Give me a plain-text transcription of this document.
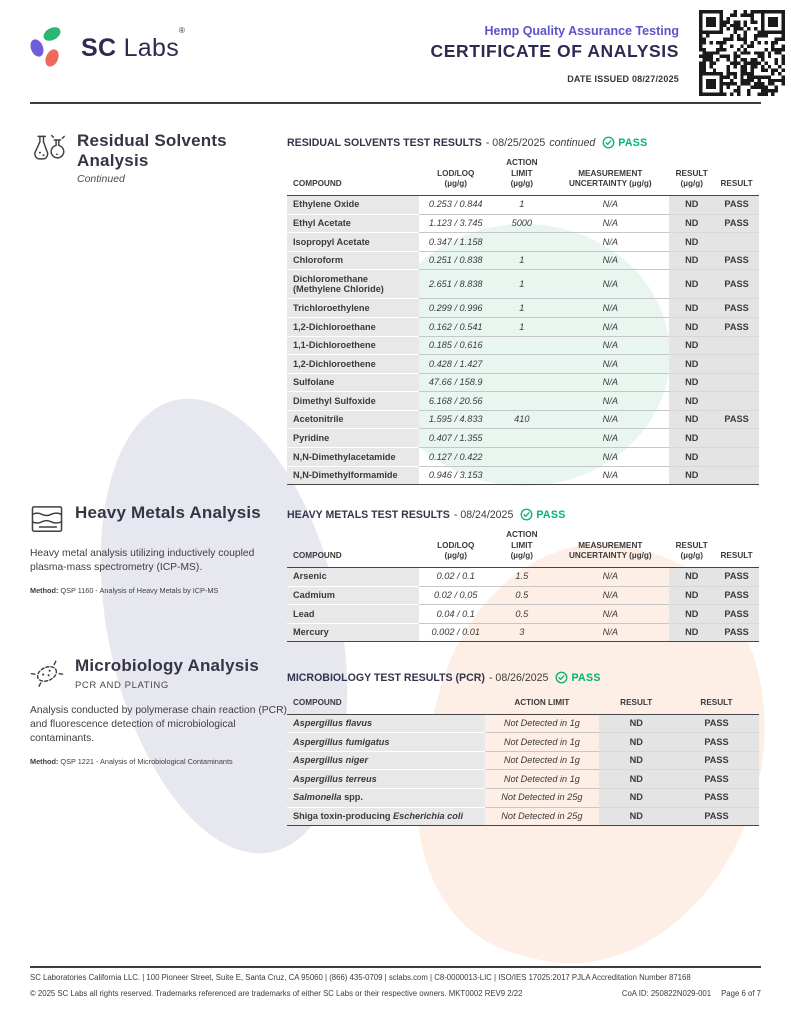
SC Labs®	Hemp Quality Assurance Testing
CERTIFICATE OF ANALYSIS
DATE ISSUED 08/27/2025
Residual Solvents Analysis
Continued
RESIDUAL SOLVENTS TEST RESULTS - 08/25/2025 continued PASS
COMPOUND

LOD/LOQ
(µg/g)

ACTION LIMIT
(µg/g)

MEASUREMENT
UNCERTAINTY (µg/g)

RESULT
(µg/g)	RESULT

Ethylene Oxide	0.253 / 0.844	1	N/A	ND	PASS
Ethyl Acetate	1.123 / 3.745	5000	N/A	ND	PASS
Isopropyl Acetate	0.347 / 1.158		N/A	ND	
Chloroform	0.251 / 0.838	1	N/A	ND	PASS
Dichloromethane (Methylene Chloride)	2.651 / 8.838	1	N/A	ND	PASS
Trichloroethylene	0.299 / 0.996	1	N/A	ND	PASS
1,2-Dichloroethane	0.162 / 0.541	1	N/A	ND	PASS
1,1-Dichloroethene	0.185 / 0.616		N/A	ND	
1,2-Dichloroethene	0.428 / 1.427		N/A	ND	
Sulfolane	47.66 / 158.9		N/A	ND	
Dimethyl Sulfoxide	6.168 / 20.56		N/A	ND	
Acetonitrile	1.595 / 4.833	410	N/A	ND	PASS
Pyridine	0.407 / 1.355		N/A	ND	
N,N-Dimethylacetamide	0.127 / 0.422		N/A	ND	
N,N-Dimethylformamide	0.946 / 3.153		N/A	ND	
Heavy Metals Analysis
Heavy metal analysis utilizing inductively coupled plasma-mass spectrometry (ICP-MS).
Method: QSP 1160 - Analysis of Heavy Metals by ICP-MS
HEAVY METALS TEST RESULTS - 08/24/2025 PASS
COMPOUND

LOD/LOQ
(µg/g)

ACTION LIMIT
(µg/g)

MEASUREMENT
UNCERTAINTY (µg/g)

RESULT
(µg/g)	RESULT

Arsenic	0.02 / 0.1	1.5	N/A	ND	PASS
Cadmium	0.02 / 0.05	0.5	N/A	ND	PASS
Lead	0.04 / 0.1	0.5	N/A	ND	PASS
Mercury	0.002 / 0.01	3	N/A	ND	PASS
Microbiology Analysis
PCR AND PLATING
Analysis conducted by polymerase chain reaction (PCR) and fluorescence detection of microbiological contaminants.
Method: QSP 1221 - Analysis of Microbiological Contaminants
MICROBIOLOGY TEST RESULTS (PCR) - 08/26/2025 PASS
COMPOUND	ACTION LIMIT	RESULT	RESULT

Aspergillus flavus	Not Detected in 1g	ND	PASS
Aspergillus fumigatus	Not Detected in 1g	ND	PASS
Aspergillus niger	Not Detected in 1g	ND	PASS
Aspergillus terreus	Not Detected in 1g	ND	PASS
Salmonella spp.	Not Detected in 25g	ND	PASS
Shiga toxin-producing Escherichia coli	Not Detected in 25g	ND	PASS
SC Laboratories California LLC. | 100 Pioneer Street, Suite E, Santa Cruz, CA 95060 | (866) 435-0709 | sclabs.com | C8-0000013-LIC | ISO/IES 17025:2017 PJLA Accreditation Number 87168
© 2025 SC Labs all rights reserved. Trademarks referenced are trademarks of either SC Labs or their respective owners. MKT0002 REV9 2/22	CoA ID: 250822N029-001 Page 6 of 7
